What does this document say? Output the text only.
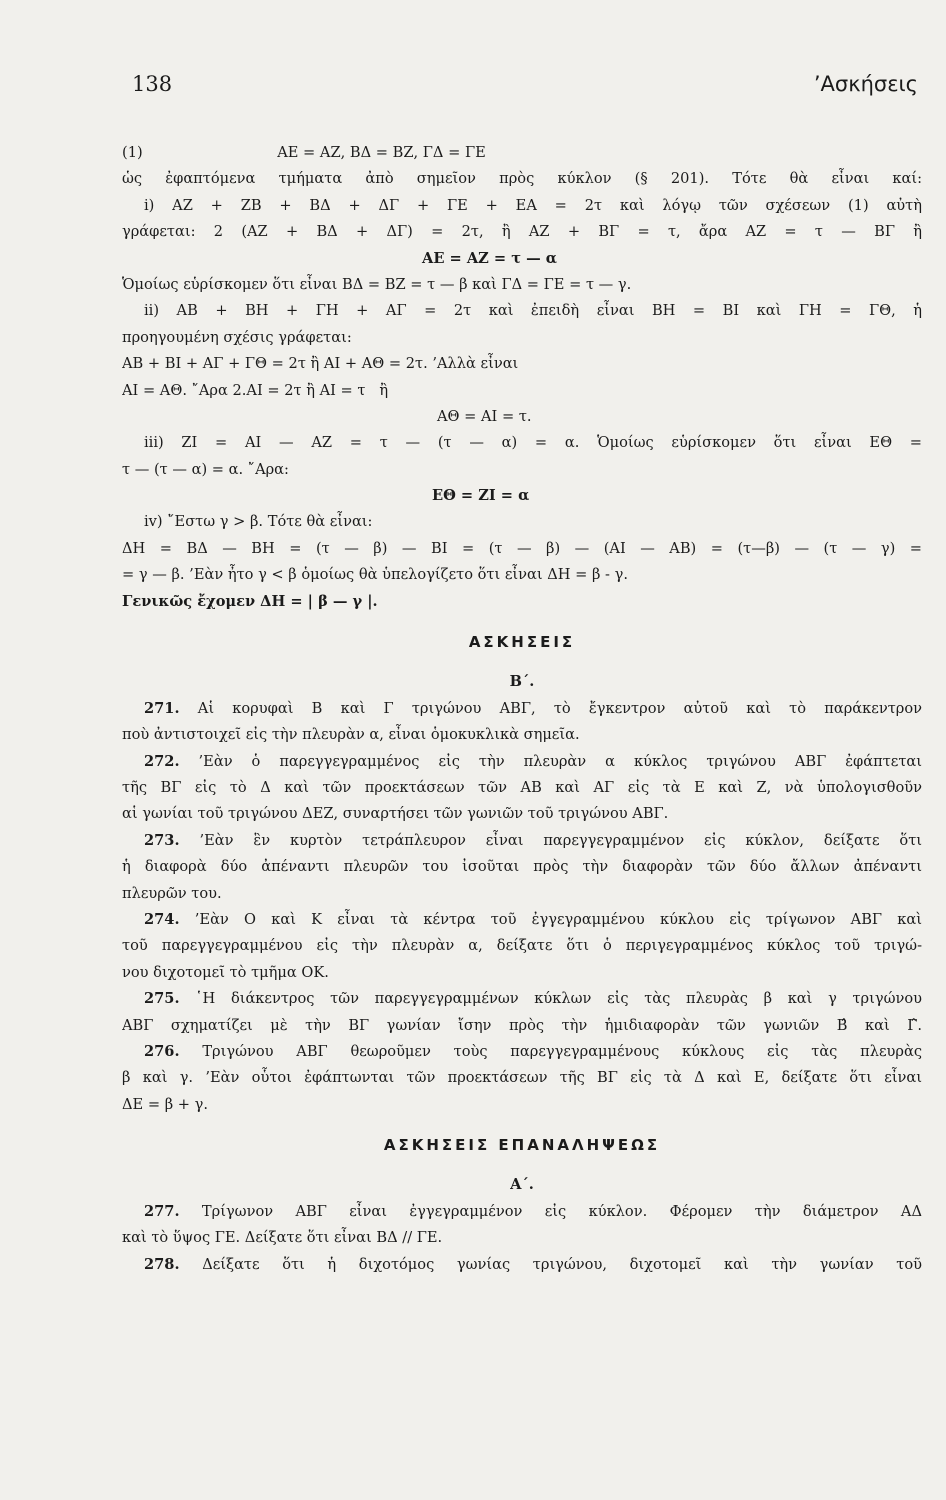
138	’Ασκήσεις
(1)                             ΑΕ = ΑΖ, ΒΔ = ΒΖ, ΓΔ = ΓΕ
ὡς ἐφαπτόμενα τμήματα ἀπὸ σημεῖον πρὸς κύκλον (§ 201). Τότε θὰ εἶναι καί:
i) ΑΖ + ΖΒ + ΒΔ + ΔΓ + ΓΕ + ΕΑ = 2τ καὶ λόγῳ τῶν σχέσεων (1) αὐτὴ
γράφεται: 2 (ΑΖ + ΒΔ + ΔΓ) = 2τ, ἢ ΑΖ + ΒΓ = τ, ἄρα ΑΖ = τ — ΒΓ ἢ
ΑΕ = ΑΖ = τ — α
Ὁμοίως εὑρίσκομεν ὅτι εἶναι ΒΔ = ΒΖ = τ — β καὶ ΓΔ = ΓΕ = τ — γ.
ii) ΑΒ + ΒΗ + ΓΗ + ΑΓ = 2τ καὶ ἐπειδὴ εἶναι ΒΗ = ΒΙ καὶ ΓΗ = ΓΘ, ἡ
προηγουμένη σχέσις γράφεται:
ΑΒ + ΒΙ + ΑΓ + ΓΘ = 2τ ἢ ΑΙ + ΑΘ = 2τ. ’Αλλὰ εἶναι
ΑΙ = ΑΘ. ῎Αρα 2.ΑΙ = 2τ ἢ ΑΙ = τ   ἢ
ΑΘ = ΑΙ = τ.
iii) ΖΙ = ΑΙ — ΑΖ = τ — (τ — α) = α. Ὁμοίως εὑρίσκομεν ὅτι εἶναι ΕΘ =
τ — (τ — α) = α. ῎Αρα:
ΕΘ = ΖΙ = α
iv) ῎Εστω γ > β. Τότε θὰ εἶναι:
ΔΗ = ΒΔ — ΒΗ = (τ — β) — ΒΙ = (τ — β) — (ΑΙ — ΑΒ) = (τ—β) — (τ — γ) =
= γ — β. ’Εὰν ἦτο γ < β ὁμοίως θὰ ὑπελογίζετο ὅτι εἶναι ΔΗ = β - γ.
Γενικῶς ἔχομεν ΔΗ = | β — γ |.
ΑΣΚΗΣΕΙΣ
Β΄.
271. Αἱ κορυφαὶ Β καὶ Γ τριγώνου ΑΒΓ, τὸ ἔγκεντρον αὐτοῦ καὶ τὸ παράκεντρον
ποὺ ἀντιστοιχεῖ εἰς τὴν πλευρὰν α, εἶναι ὁμοκυκλικὰ σημεῖα.
272. ’Εὰν ὁ παρεγγεγραμμένος εἰς τὴν πλευρὰν α κύκλος τριγώνου ΑΒΓ ἐφάπτεται
τῆς ΒΓ εἰς τὸ Δ καὶ τῶν προεκτάσεων τῶν ΑΒ καὶ ΑΓ εἰς τὰ Ε καὶ Ζ, νὰ ὑπολογισθοῦν
αἱ γωνίαι τοῦ τριγώνου ΔΕΖ, συναρτήσει τῶν γωνιῶν τοῦ τριγώνου ΑΒΓ.
273. ’Εὰν ἓν κυρτὸν τετράπλευρον εἶναι παρεγγεγραμμένον εἰς κύκλον, δείξατε ὅτι
ἡ διαφορὰ δύο ἀπέναντι πλευρῶν του ἰσοῦται πρὸς τὴν διαφορὰν τῶν δύο ἄλλων ἀπέναντι
πλευρῶν του.
274. ’Εὰν Ο καὶ Κ εἶναι τὰ κέντρα τοῦ ἐγγεγραμμένου κύκλου εἰς τρίγωνον ΑΒΓ καὶ
τοῦ παρεγγεγραμμένου εἰς τὴν πλευρὰν α, δείξατε ὅτι ὁ περιγεγραμμένος κύκλος τοῦ τριγώ-
νου διχοτομεῖ τὸ τμῆμα ΟΚ.
275. ῾Η διάκεντρος τῶν παρεγγεγραμμένων κύκλων εἰς τὰς πλευρὰς β καὶ γ τριγώνου
ΑΒΓ σχηματίζει μὲ τὴν ΒΓ γωνίαν ἴσην πρὸς τὴν ἡμιδιαφορὰν τῶν γωνιῶν Β̂ καὶ Γ̂.
276. Τριγώνου ΑΒΓ θεωροῦμεν τοὺς παρεγγεγραμμένους κύκλους εἰς τὰς πλευρὰς
β καὶ γ. ’Εὰν οὗτοι ἐφάπτωνται τῶν προεκτάσεων τῆς ΒΓ εἰς τὰ Δ καὶ Ε, δείξατε ὅτι εἶναι
ΔΕ = β + γ.
ΑΣΚΗΣΕΙΣ ΕΠΑΝΑΛΗΨΕΩΣ
Α΄.
277. Τρίγωνον ΑΒΓ εἶναι ἐγγεγραμμένον εἰς κύκλον. Φέρομεν τὴν διάμετρον ΑΔ
καὶ τὸ ὕψος ΓΕ. Δείξατε ὅτι εἶναι ΒΔ // ΓΕ.
278. Δείξατε ὅτι ἡ διχοτόμος γωνίας τριγώνου, διχοτομεῖ καὶ τὴν γωνίαν τοῦ
